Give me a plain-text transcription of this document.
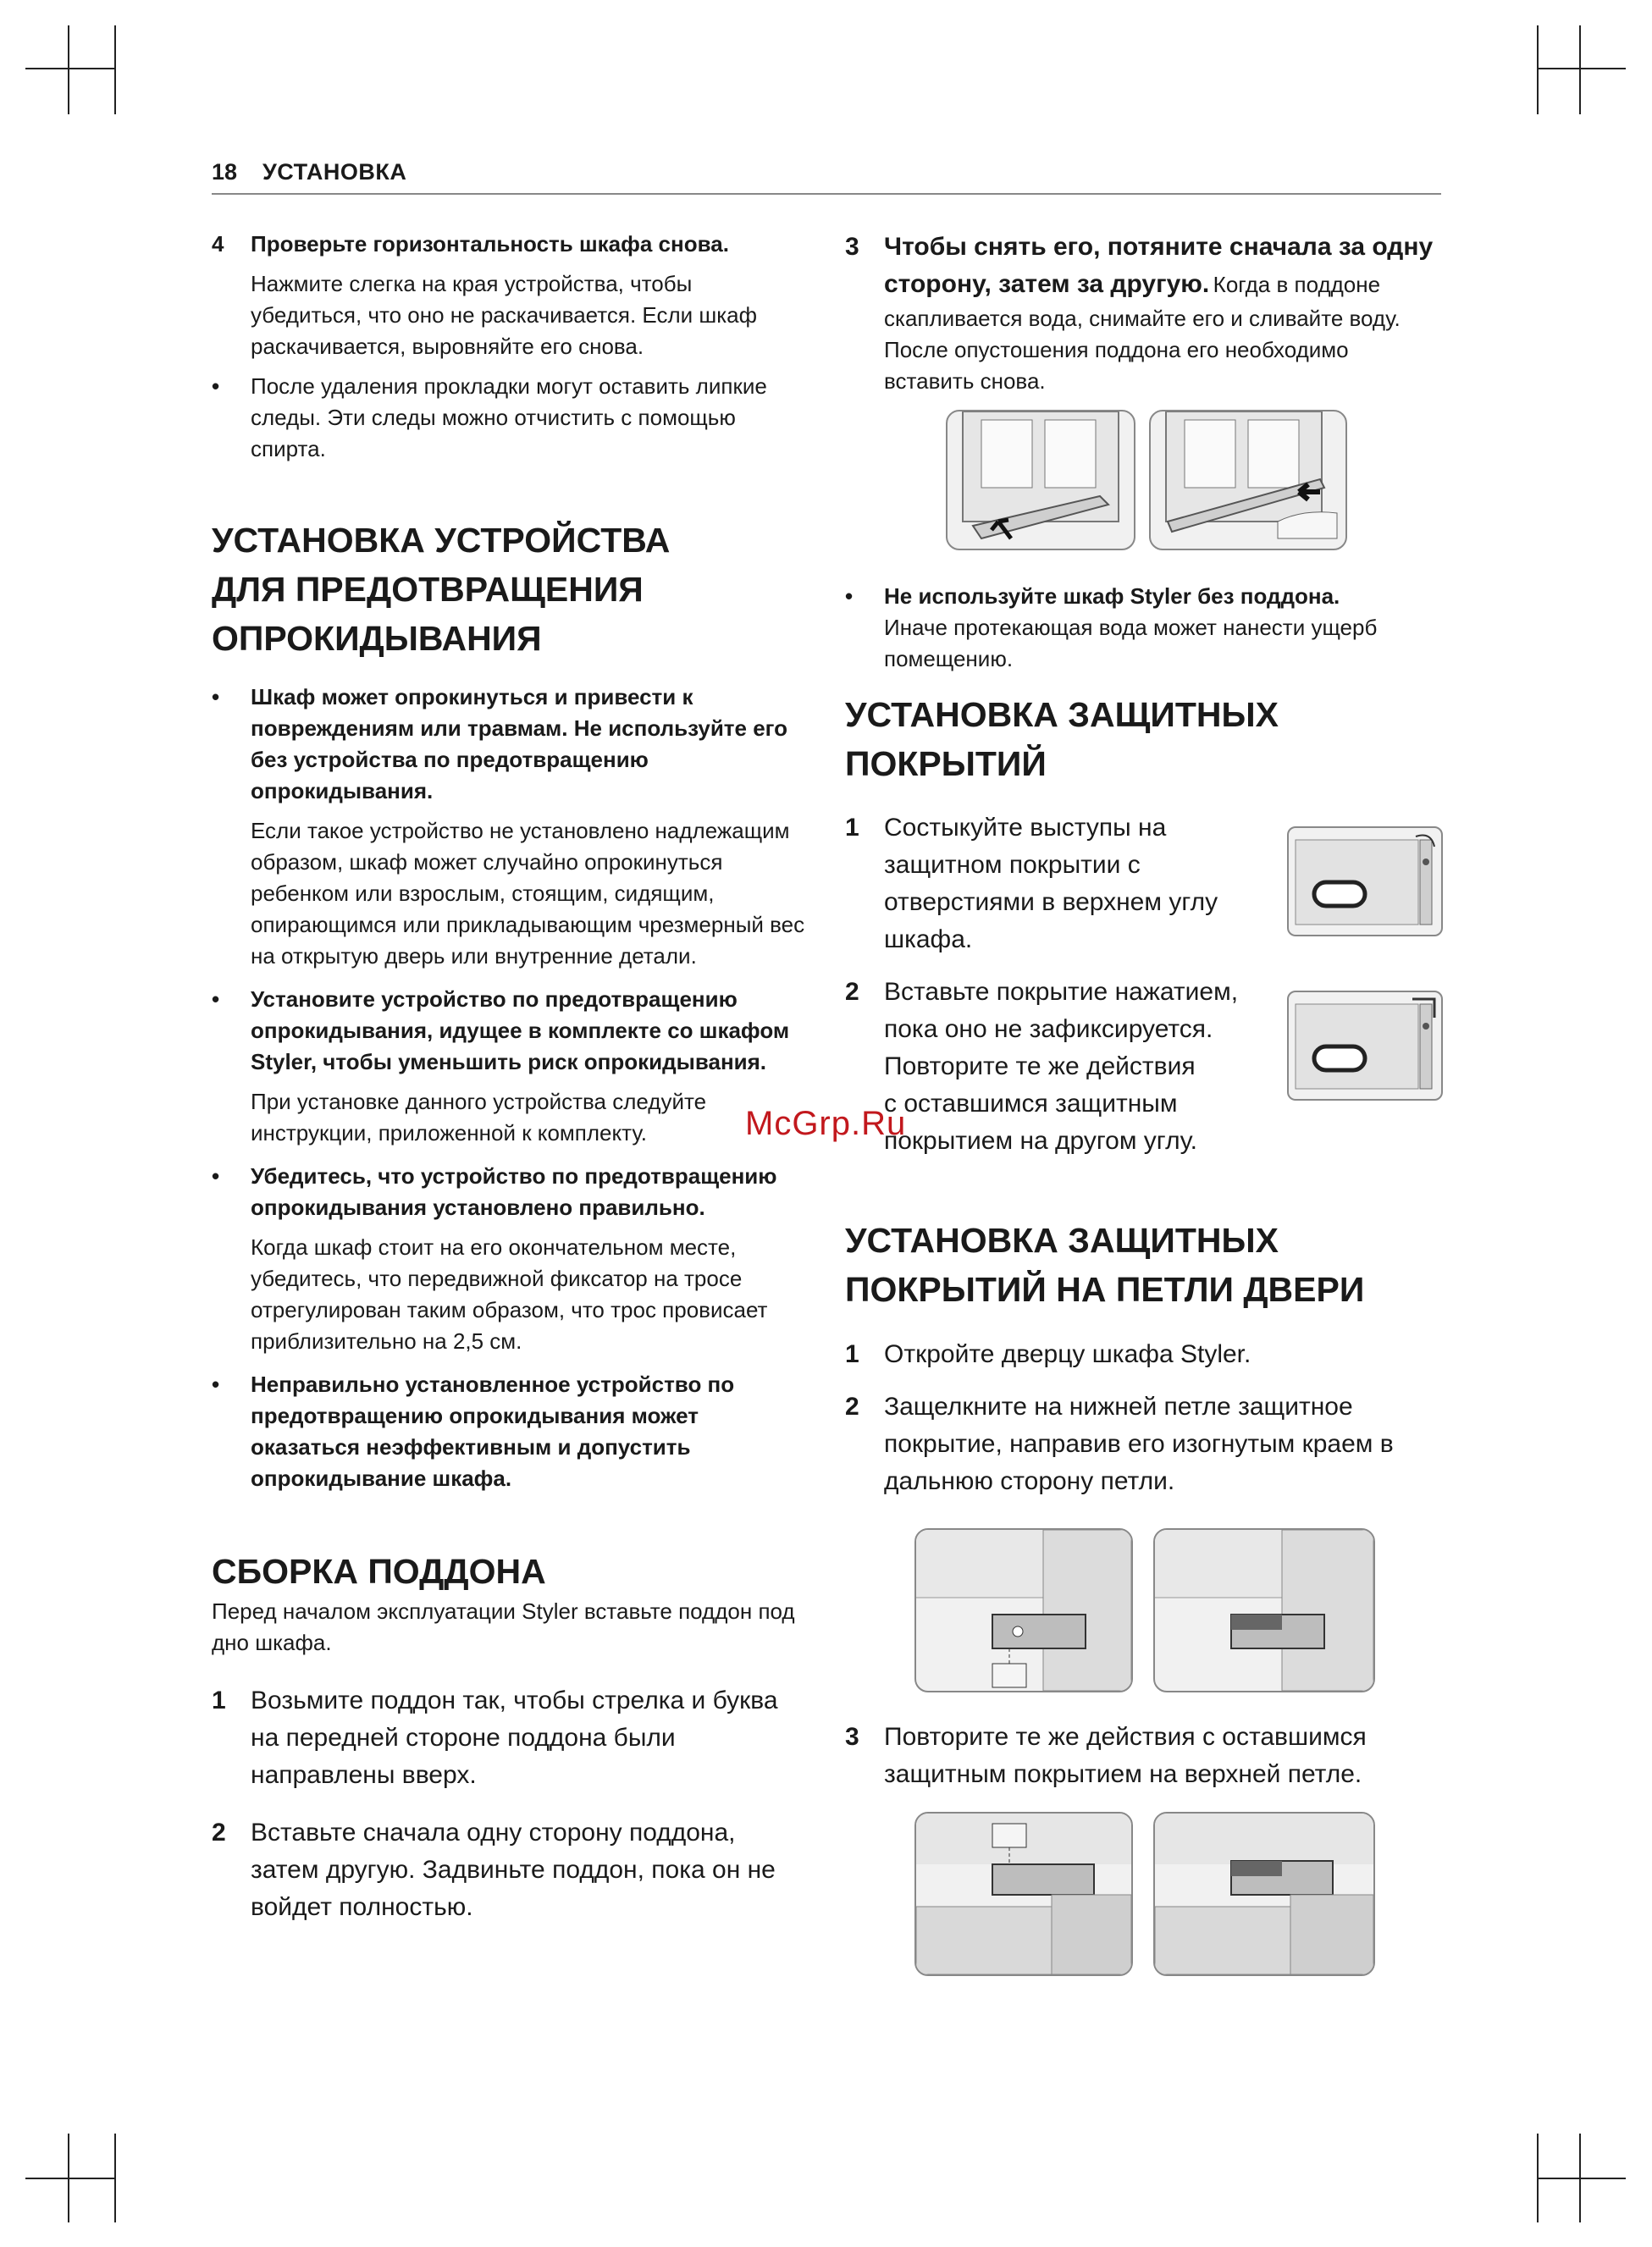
18 УСТАНОВКА
4 Проверьте горизонтальность шкафа снова.
Нажмите слегка на края устройства, чтобы убедиться, что оно не раскачивается. Если шкаф раскачивается, выровняйте его снова.
• После удаления прокладки могут оставить липкие следы. Эти следы можно отчистить с помощью спирта.
УСТАНОВКА УСТРОЙСТВА
ДЛЯ ПРЕДОТВРАЩЕНИЯ
ОПРОКИДЫВАНИЯ
• Шкаф может опрокинуться и привести к повреждениям или травмам. Не используйте его без устройства по предотвращению опрокидывания.
Если такое устройство не установлено надлежащим образом, шкаф может случайно опрокинуться ребенком или взрослым, стоящим, сидящим, опирающимся или прикладывающим чрезмерный вес на открытую дверь или внутренние детали.
• Установите устройство по предотвращению опрокидывания, идущее в комплекте со шкафом Styler, чтобы уменьшить риск опрокидывания.
При установке данного устройства следуйте инструкции, приложенной к комплекту.
• Убедитесь, что устройство по предотвращению опрокидывания установлено правильно.
Когда шкаф стоит на его окончательном месте, убедитесь, что передвижной фиксатор на тросе отрегулирован таким образом, что трос провисает приблизительно на 2,5 см.
• Неправильно установленное устройство по предотвращению опрокидывания может оказаться неэффективным и допустить опрокидывание шкафа.
СБОРКА ПОДДОНА
Перед началом эксплуатации Styler вставьте поддон под дно шкафа.
1 Возьмите поддон так, чтобы стрелка и буква на передней стороне поддона были направлены вверх.
2 Вставьте сначала одну сторону поддона, затем другую. Задвиньте поддон, пока он не войдет полностью.
3 Чтобы снять его, потяните сначала за одну сторону, затем за другую. Когда в поддоне скапливается вода, снимайте его и сливайте воду. После опустошения поддона его необходимо вставить снова.
• Не используйте шкаф Styler без поддона.
Иначе протекающая вода может нанести ущерб помещению.
УСТАНОВКА ЗАЩИТНЫХ
ПОКРЫТИЙ
1 Состыкуйте выступы на
защитном покрытии с
отверстиями в верхнем углу
шкафа.
2 Вставьте покрытие нажатием,
пока оно не зафиксируется.
Повторите те же действия
с оставшимся защитным
покрытием на другом углу.
УСТАНОВКА ЗАЩИТНЫХ
ПОКРЫТИЙ НА ПЕТЛИ ДВЕРИ
1 Откройте дверцу шкафа Styler.
2 Защелкните на нижней петле защитное покрытие, направив его изогнутым краем в дальнюю сторону петли.
3 Повторите те же действия с оставшимся защитным покрытием на верхней петле.
McGrp.Ru
